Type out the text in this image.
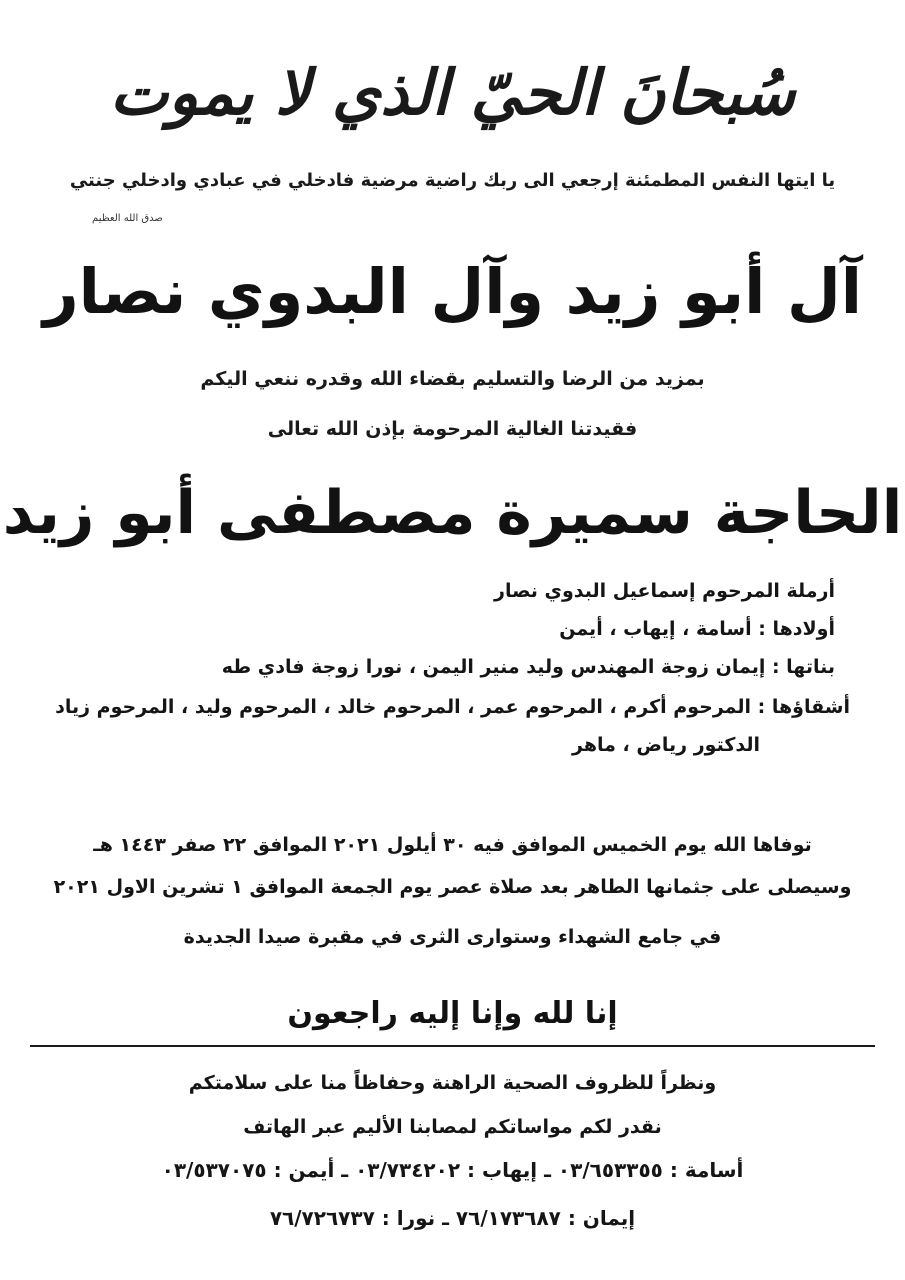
سُبحانَ الحيّ الذي لا يموت

يا ايتها النفس المطمئنة إرجعي الى ربك راضية مرضية فادخلي في عبادي وادخلي جنتي

صدق الله العظيم

آل أبو زيد وآل البدوي نصار

بمزيد من الرضا والتسليم بقضاء الله وقدره ننعي اليكم

فقيدتنا الغالية المرحومة بإذن الله تعالى

الحاجة سميرة مصطفى أبو زيد

أرملة المرحوم إسماعيل البدوي نصار

أولادها : أسامة ، إيهاب ، أيمن

بناتها : إيمان زوجة المهندس وليد منير اليمن ، نورا زوجة فادي طه

أشقاؤها : المرحوم أكرم ، المرحوم عمر ، المرحوم خالد ، المرحوم وليد ، المرحوم زياد

الدكتور رياض ، ماهر

توفاها الله يوم الخميس الموافق فيه ٣٠ أيلول ٢٠٢١ الموافق ٢٢ صفر ١٤٤٣ هـ

وسيصلى على جثمانها الطاهر بعد صلاة عصر يوم الجمعة الموافق ١ تشرين الاول ٢٠٢١

في جامع الشهداء وستوارى الثرى في مقبرة صيدا الجديدة

إنا لله وإنا إليه راجعون

ونظراً للظروف الصحية الراهنة وحفاظاً منا على سلامتكم

نقدر لكم مواساتكم لمصابنا الأليم عبر الهاتف

أسامة : ٠٣/٦٥٣٣٥٥ ـ إيهاب : ٠٣/٧٣٤٢٠٢ ـ أيمن : ٠٣/٥٣٧٠٧٥

إيمان : ٧٦/١٧٣٦٨٧ ـ نورا : ٧٦/٧٢٦٧٣٧
